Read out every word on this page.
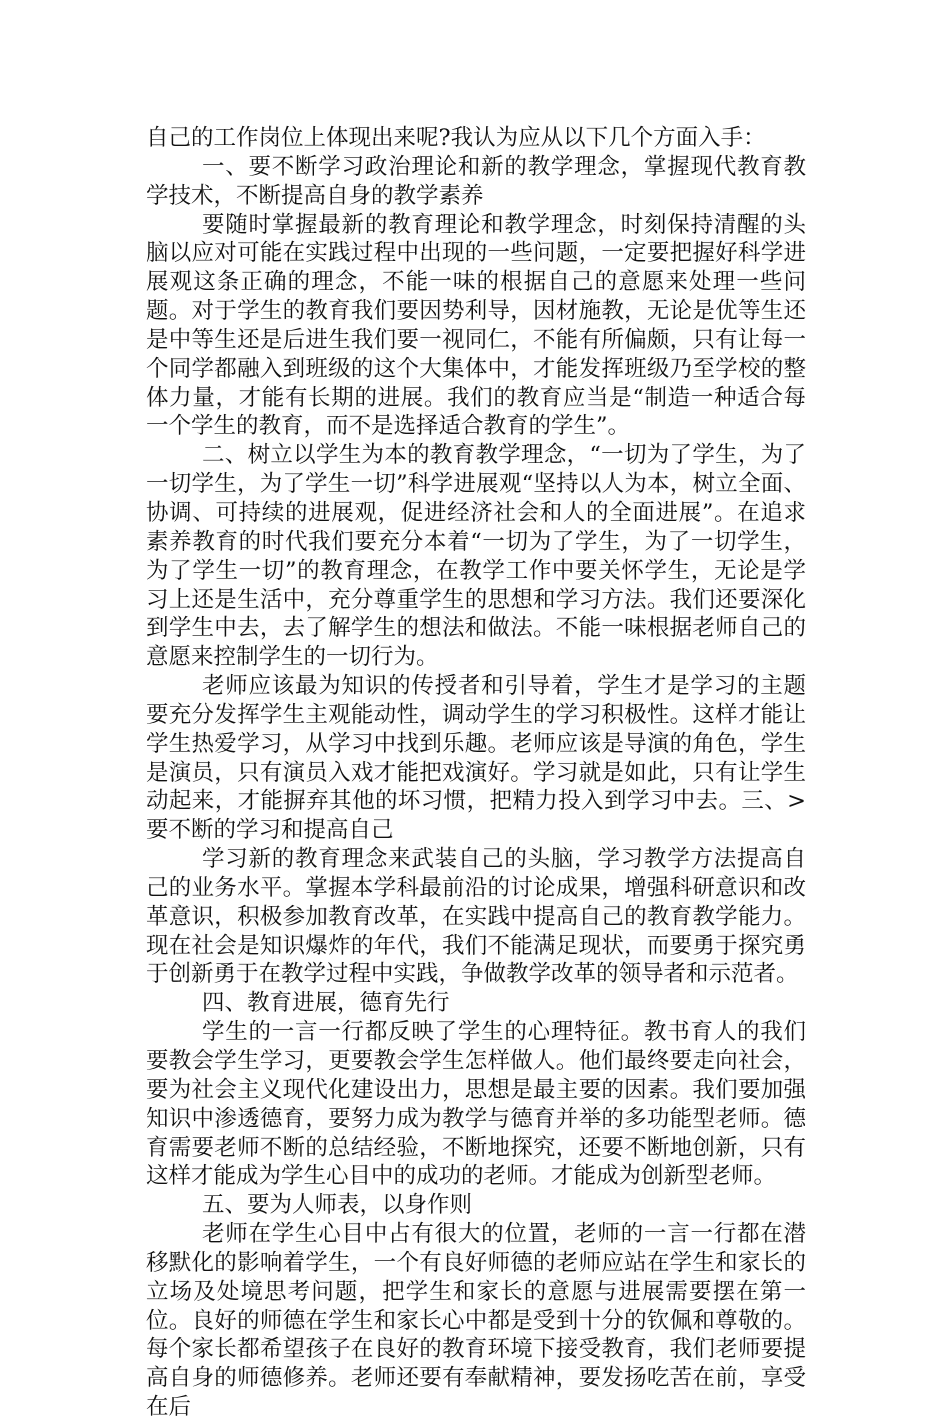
自己的工作岗位上体现出来呢?我认为应从以下几个方面入手：

一、要不断学习政治理论和新的教学理念，掌握现代教育教学技术，不断提高自身的教学素养

要随时掌握最新的教育理论和教学理念，时刻保持清醒的头脑以应对可能在实践过程中出现的一些问题，一定要把握好科学进展观这条正确的理念，不能一味的根据自己的意愿来处理一些问题。对于学生的教育我们要因势利导，因材施教，无论是优等生还是中等生还是后进生我们要一视同仁，不能有所偏颇，只有让每一个同学都融入到班级的这个大集体中，才能发挥班级乃至学校的整体力量，才能有长期的进展。我们的教育应当是“制造一种适合每一个学生的教育，而不是选择适合教育的学生”。

二、树立以学生为本的教育教学理念，“一切为了学生，为了一切学生，为了学生一切”科学进展观“坚持以人为本，树立全面、协调、可持续的进展观，促进经济社会和人的全面进展”。在追求素养教育的时代我们要充分本着“一切为了学生，为了一切学生，为了学生一切”的教育理念，在教学工作中要关怀学生，无论是学习上还是生活中，充分尊重学生的思想和学习方法。我们还要深化到学生中去，去了解学生的想法和做法。不能一味根据老师自己的意愿来控制学生的一切行为。

老师应该最为知识的传授者和引导着，学生才是学习的主题要充分发挥学生主观能动性，调动学生的学习积极性。这样才能让学生热爱学习，从学习中找到乐趣。老师应该是导演的角色，学生是演员，只有演员入戏才能把戏演好。学习就是如此，只有让学生动起来，才能摒弃其他的坏习惯，把精力投入到学习中去。三、>要不断的学习和提高自己

学习新的教育理念来武装自己的头脑，学习教学方法提高自己的业务水平。掌握本学科最前沿的讨论成果，增强科研意识和改革意识，积极参加教育改革，在实践中提高自己的教育教学能力。现在社会是知识爆炸的年代，我们不能满足现状，而要勇于探究勇于创新勇于在教学过程中实践，争做教学改革的领导者和示范者。

四、教育进展，德育先行

学生的一言一行都反映了学生的心理特征。教书育人的我们要教会学生学习，更要教会学生怎样做人。他们最终要走向社会，要为社会主义现代化建设出力，思想是最主要的因素。我们要加强知识中渗透德育，要努力成为教学与德育并举的多功能型老师。德育需要老师不断的总结经验，不断地探究，还要不断地创新，只有这样才能成为学生心目中的成功的老师。才能成为创新型老师。

五、要为人师表，以身作则

老师在学生心目中占有很大的位置，老师的一言一行都在潜移默化的影响着学生，一个有良好师德的老师应站在学生和家长的立场及处境思考问题，把学生和家长的意愿与进展需要摆在第一位。良好的师德在学生和家长心中都是受到十分的钦佩和尊敬的。每个家长都希望孩子在良好的教育环境下接受教育，我们老师要提高自身的师德修养。老师还要有奉献精神，要发扬吃苦在前，享受在后
